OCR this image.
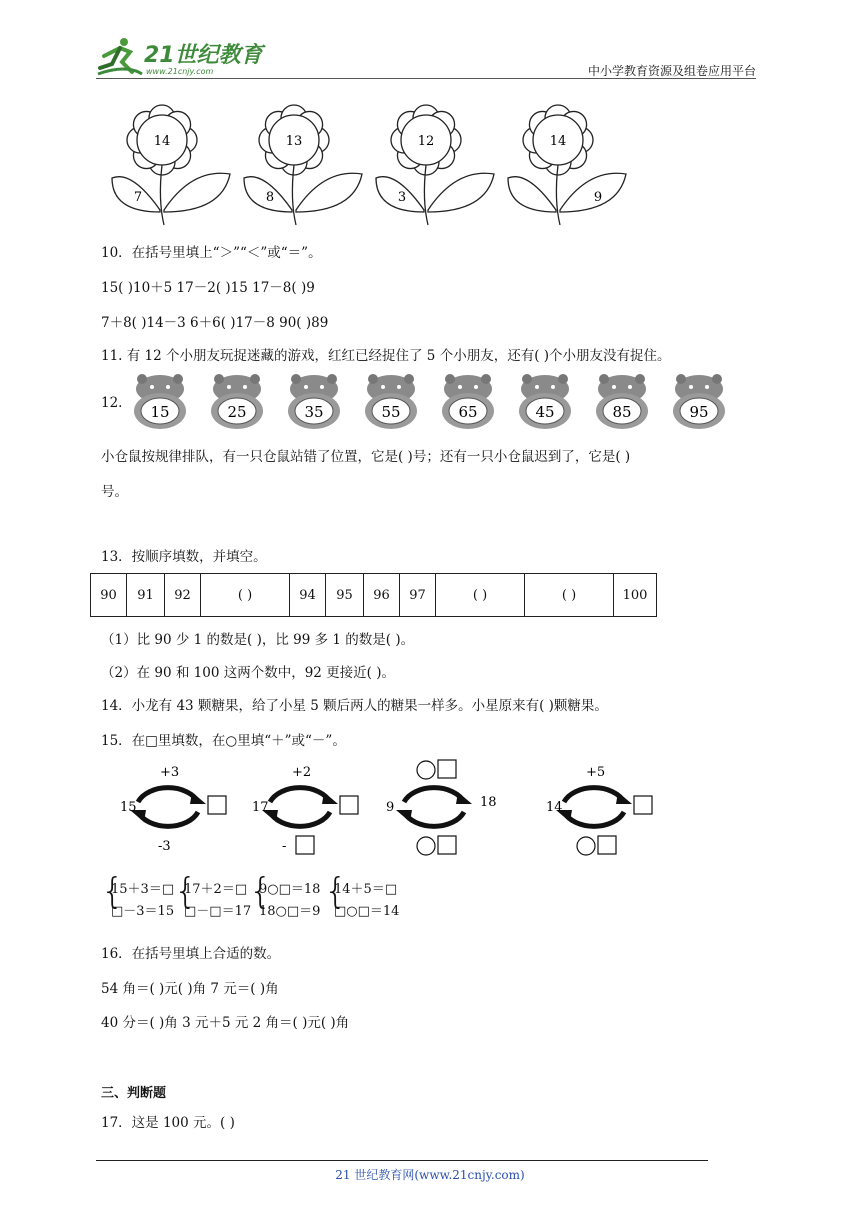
21世纪教育
www.21cnjy.com	中小学教育资源及组卷应用平台
14
7
13
8
12
3
14
9
10．在括号里填上“＞”“＜”或“＝”。
15( )10＋5 17－2( )15 17－8( )9
7＋8( )14－3 6＋6( )17－8 90( )89
11. 有 12 个小朋友玩捉迷藏的游戏，红红已经捉住了 5 个小朋友，还有( )个小朋友没有捉住。
12. 15	25	35	55	65	45	85	95
小仓鼠按规律排队，有一只仓鼠站错了位置，它是( )号；还有一只小仓鼠迟到了，它是( )
号。
13．按顺序填数，并填空。
90	91	92	( )	94	95	96	97	( )	( )	100
（1）比 90 少 1 的数是( )，比 99 多 1 的数是( )。
（2）在 90 和 100 这两个数中，92 更接近( )。
14．小龙有 43 颗糖果，给了小星 5 颗后两人的糖果一样多。小星原来有( )颗糖果。
15．在□里填数，在○里填“＋”或“－”。
15
+3
-3
17
+2
-
9	18	14
+5
{
15＋3＝□
□－3＝15 {
17＋2＝□
□－□＝17
{
9○□＝18
18○□＝9 {
14＋5＝□
□○□＝14
16．在括号里填上合适的数。
54 角＝( )元( )角 7 元＝( )角
40 分＝( )角 3 元＋5 元 2 角＝( )元( )角
三、判断题
17．这是 100 元。( )
21 世纪教育网(www.21cnjy.com)
